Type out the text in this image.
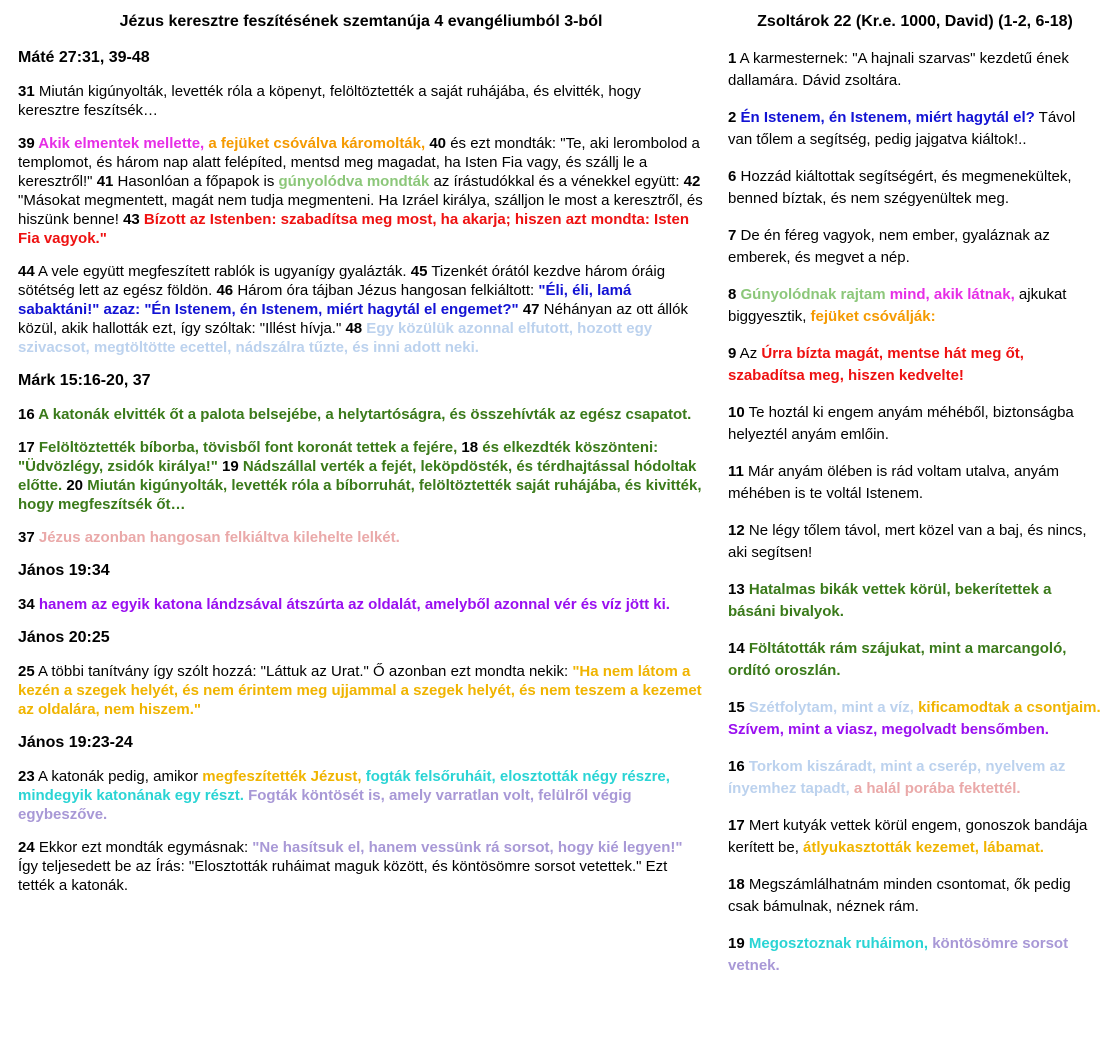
Jézus keresztre feszítésének szemtanúja 4 evangéliumból 3-ból
Máté 27:31, 39-48

31 Miután kigúnyolták, levették róla a köpenyt, felöltöztették a saját ruhájába, és elvitték, hogy keresztre feszítsék…

39 Akik elmentek mellette, a fejüket csóválva káromolták, 40 és ezt mondták: "Te, aki lerombolod a templomot, és három nap alatt felépíted, mentsd meg magadat, ha Isten Fia vagy, és szállj le a keresztről!" 41 Hasonlóan a főpapok is gúnyolódva mondták az írástudókkal és a vénekkel együtt: 42 "Másokat megmentett, magát nem tudja megmenteni. Ha Izráel királya, szálljon le most a keresztről, és hiszünk benne! 43 Bízott az Istenben: szabadítsa meg most, ha akarja; hiszen azt mondta: Isten Fia vagyok."

44 A vele együtt megfeszített rablók is ugyanígy gyalázták. 45 Tizenkét órától kezdve három óráig sötétség lett az egész földön. 46 Három óra tájban Jézus hangosan felkiáltott: "Éli, éli, lamá sabaktáni!" azaz: "Én Istenem, én Istenem, miért hagytál el engemet?" 47 Néhányan az ott állók közül, akik hallották ezt, így szóltak: "Illést hívja." 48 Egy közülük azonnal elfutott, hozott egy szivacsot, megtöltötte ecettel, nádszálra tűzte, és inni adott neki.

Márk 15:16-20, 37

16 A katonák elvitték őt a palota belsejébe, a helytartóságra, és összehívták az egész csapatot.

17 Felöltöztették bíborba, tövisből font koronát tettek a fejére, 18 és elkezdték köszönteni: "Üdvözlégy, zsidók királya!" 19 Nádszállal verték a fejét, leköpdösték, és térdhajtással hódoltak előtte. 20 Miután kigúnyolták, levették róla a bíborruhát, felöltöztették saját ruhájába, és kivitték, hogy megfeszítsék őt…

37 Jézus azonban hangosan felkiáltva kilehelte lelkét.

János 19:34

34 hanem az egyik katona lándzsával átszúrta az oldalát, amelyből azonnal vér és víz jött ki.

János 20:25

25 A többi tanítvány így szólt hozzá: "Láttuk az Urat." Ő azonban ezt mondta nekik: "Ha nem látom a kezén a szegek helyét, és nem érintem meg ujjammal a szegek helyét, és nem teszem a kezemet az oldalára, nem hiszem."

János 19:23-24

23 A katonák pedig, amikor megfeszítették Jézust, fogták felsőruháit, elosztották négy részre, mindegyik katonának egy részt. Fogták köntösét is, amely varratlan volt, felülről végig egybeszőve.

24 Ekkor ezt mondták egymásnak: "Ne hasítsuk el, hanem vessünk rá sorsot, hogy kié legyen!" Így teljesedett be az Írás: "Elosztották ruháimat maguk között, és köntösömre sorsot vetettek." Ezt tették a katonák.

Zsoltárok 22 (Kr.e. 1000, David) (1-2, 6-18)

1 A karmesternek: "A hajnali szarvas" kezdetű ének dallamára. Dávid zsoltára.

2 Én Istenem, én Istenem, miért hagytál el? Távol van tőlem a segítség, pedig jajgatva kiáltok!..

6 Hozzád kiáltottak segítségért, és megmenekültek, benned bíztak, és nem szégyenültek meg.

7 De én féreg vagyok, nem ember, gyaláznak az emberek, és megvet a nép.

8 Gúnyolódnak rajtam mind, akik látnak, ajkukat biggyesztik, fejüket csóválják:

9 Az Úrra bízta magát, mentse hát meg őt, szabadítsa meg, hiszen kedvelte!

10 Te hoztál ki engem anyám méhéből, biztonságba helyeztél anyám emlőin.

11 Már anyám ölében is rád voltam utalva, anyám méhében is te voltál Istenem.

12 Ne légy tőlem távol, mert közel van a baj, és nincs, aki segítsen!

13 Hatalmas bikák vettek körül, bekerítettek a básáni bivalyok.

14 Föltátották rám szájukat, mint a marcangoló, ordító oroszlán.

15 Szétfolytam, mint a víz, kificamodtak a csontjaim. Szívem, mint a viasz, megolvadt bensőmben.

16 Torkom kiszáradt, mint a cserép, nyelvem az ínyemhez tapadt, a halál porába fektettél.

17 Mert kutyák vettek körül engem, gonoszok bandája kerített be, átlyukasztották kezemet, lábamat.

18 Megszámlálhatnám minden csontomat, ők pedig csak bámulnak, néznek rám.

19 Megosztoznak ruháimon, köntösömre sorsot vetnek.
